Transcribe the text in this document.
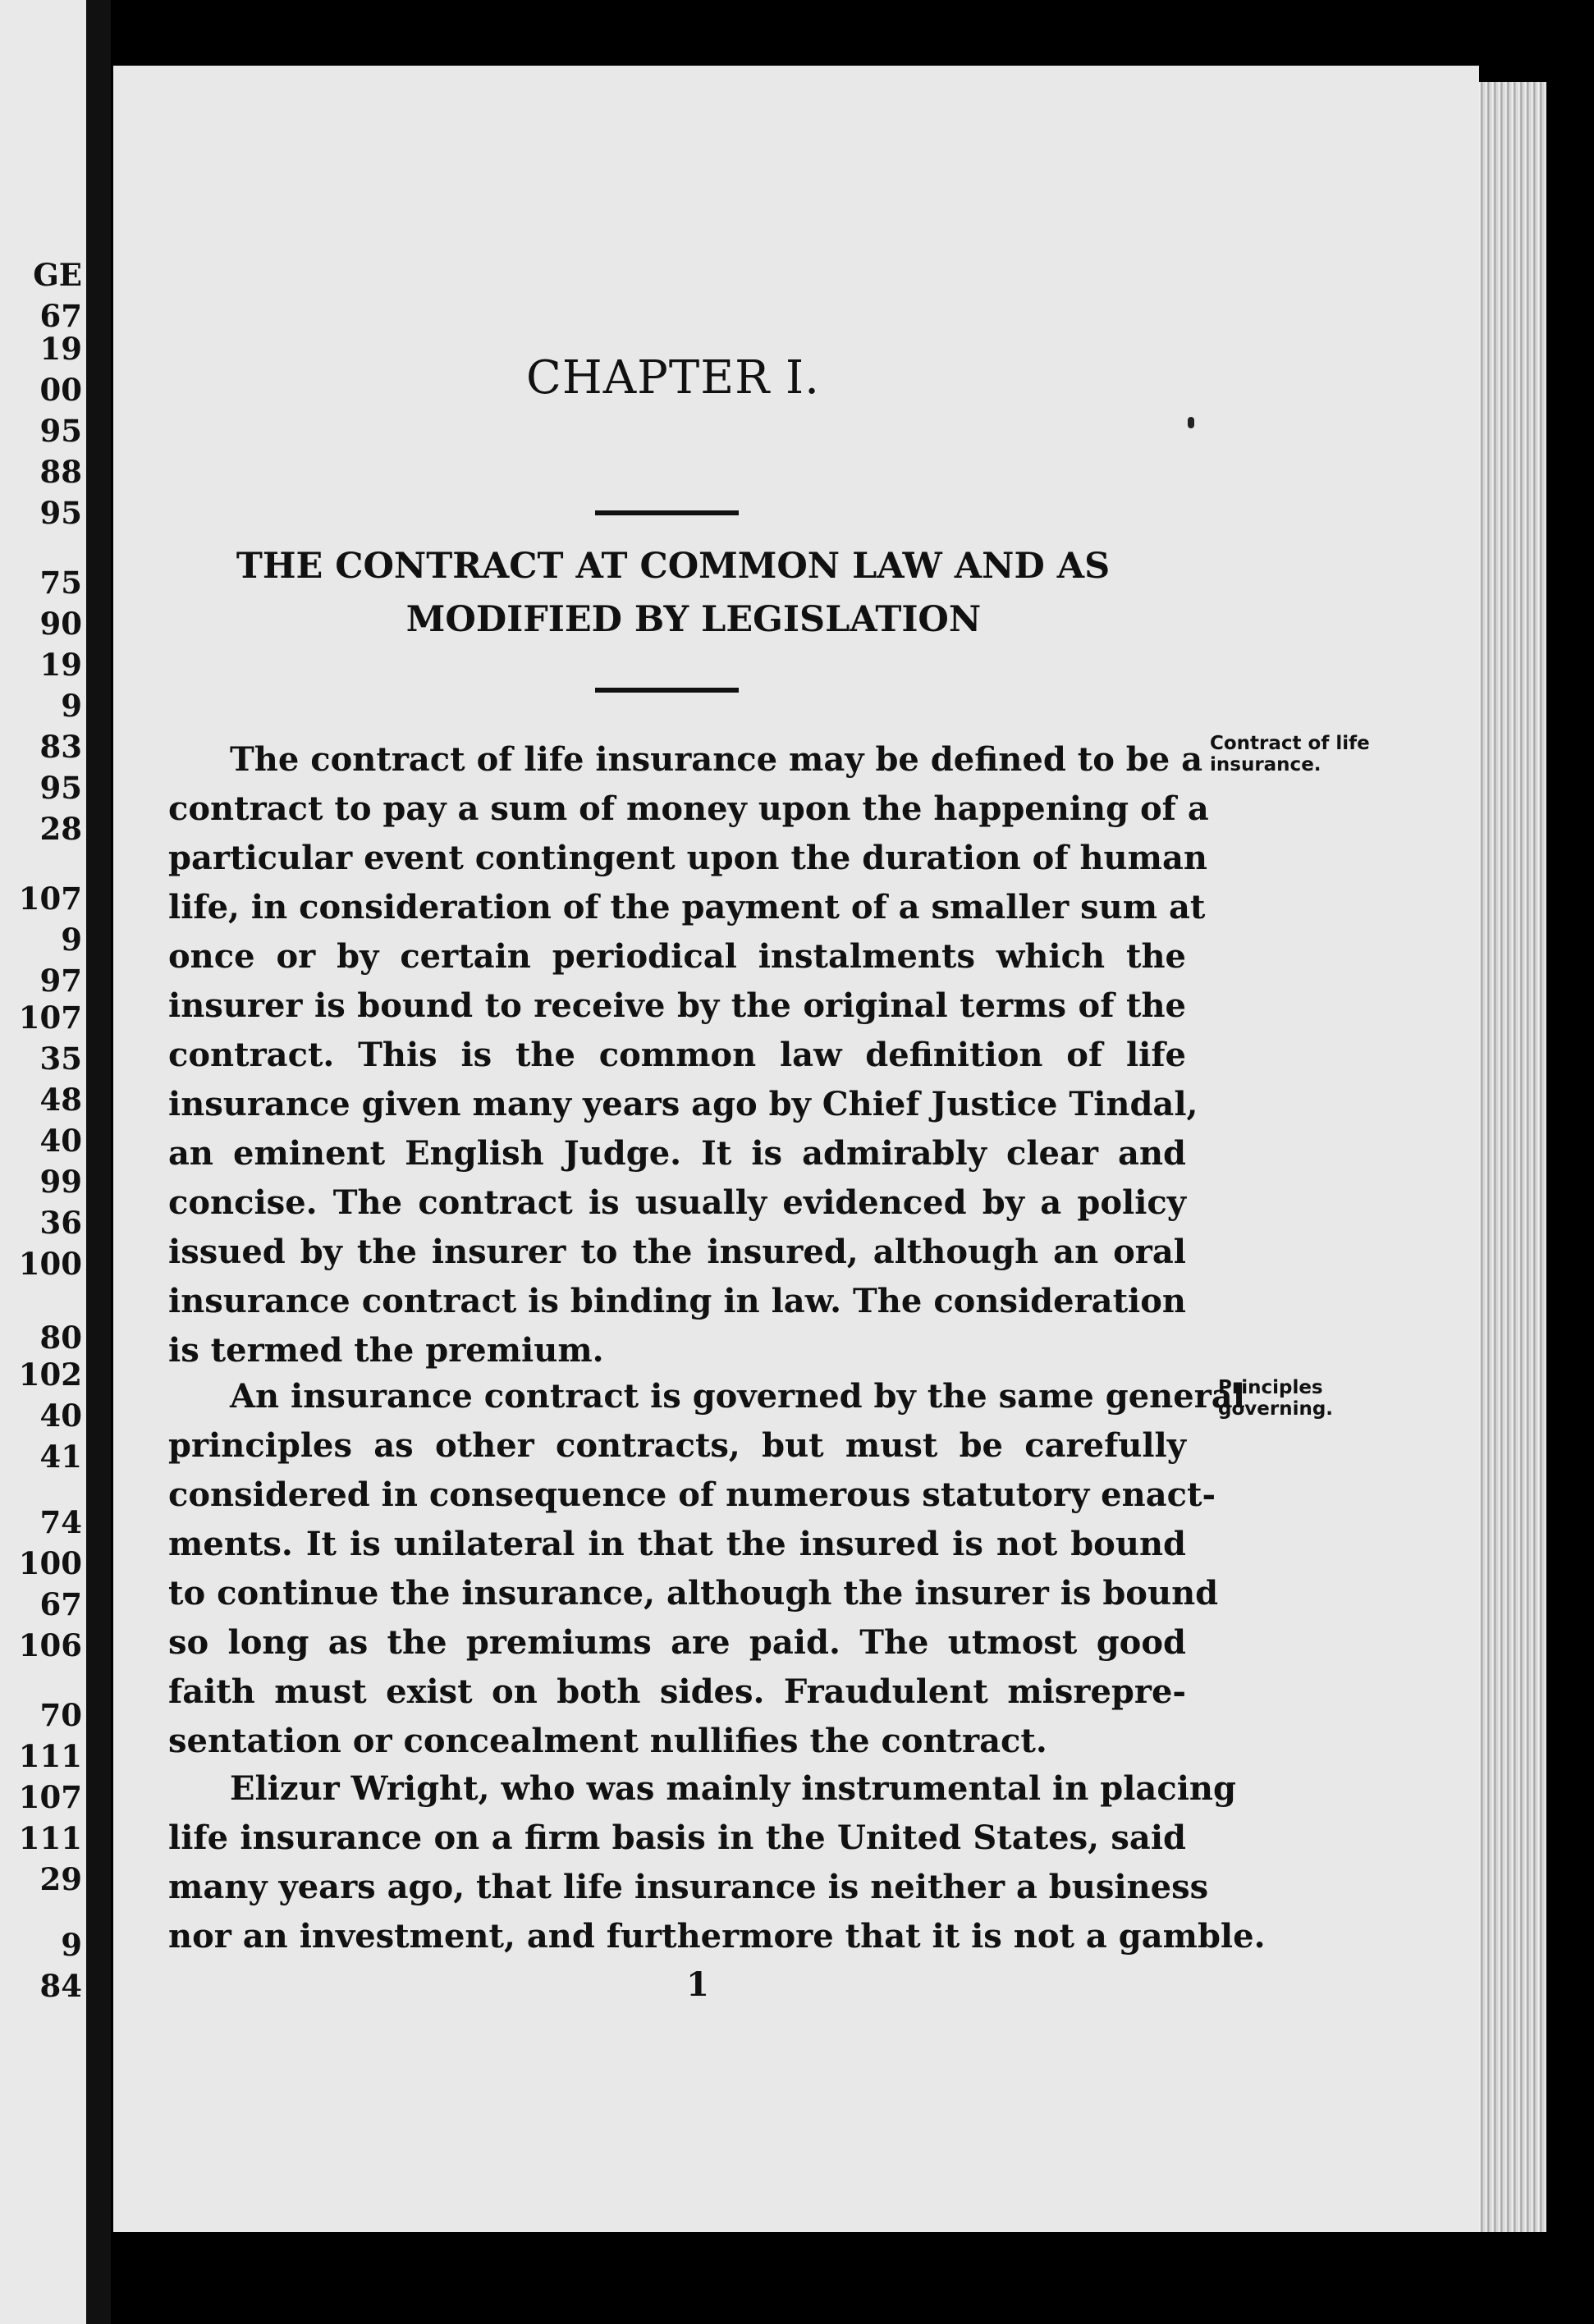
GE
67
19
00
95
88
95
75
90
19
9
83
95
28
107
9
97
107
35
48
40
99
36
100
80
102
40
41
74
100
67
106
70
111
107
111
29
9
84
CHAPTER I.
THE CONTRACT AT COMMON LAW AND AS
MODIFIED BY LEGISLATION
The contract of life insurance may be defined to be a
contract to pay a sum of money upon the happening of a
particular event contingent upon the duration of human
life, in consideration of the payment of a smaller sum at
once or by certain periodical instalments which the
insurer is bound to receive by the original terms of the
contract. This is the common law definition of life
insurance given many years ago by Chief Justice Tindal,
an eminent English Judge. It is admirably clear and
concise. The contract is usually evidenced by a policy
issued by the insurer to the insured, although an oral
insurance contract is binding in law. The consideration
is termed the premium.
An insurance contract is governed by the same general
principles as other contracts, but must be carefully
considered in consequence of numerous statutory enact-
ments. It is unilateral in that the insured is not bound
to continue the insurance, although the insurer is bound
so long as the premiums are paid. The utmost good
faith must exist on both sides. Fraudulent misrepre-
sentation or concealment nullifies the contract.
Elizur Wright, who was mainly instrumental in placing
life insurance on a firm basis in the United States, said
many years ago, that life insurance is neither a business
nor an investment, and furthermore that it is not a gamble.
Contract of life
insurance.
Principles
governing.
1
